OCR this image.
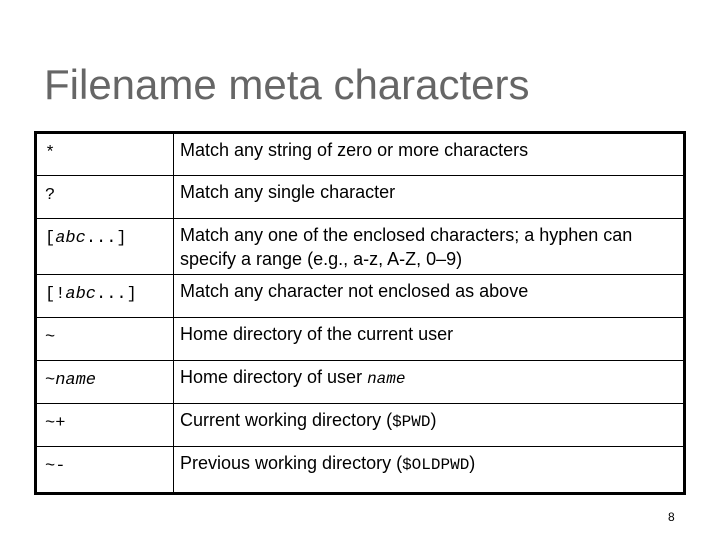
Filename meta characters
*	Match any string of zero or more characters
?	Match any single character
[abc...]	Match any one of the enclosed characters; a hyphen can specify a range (e.g., a-z, A-Z, 0–9)
[!abc...]	Match any character not enclosed as above
~	Home directory of the current user
~name	Home directory of user name
~+	Current working directory ($PWD)
~-	Previous working directory ($OLDPWD)
8
